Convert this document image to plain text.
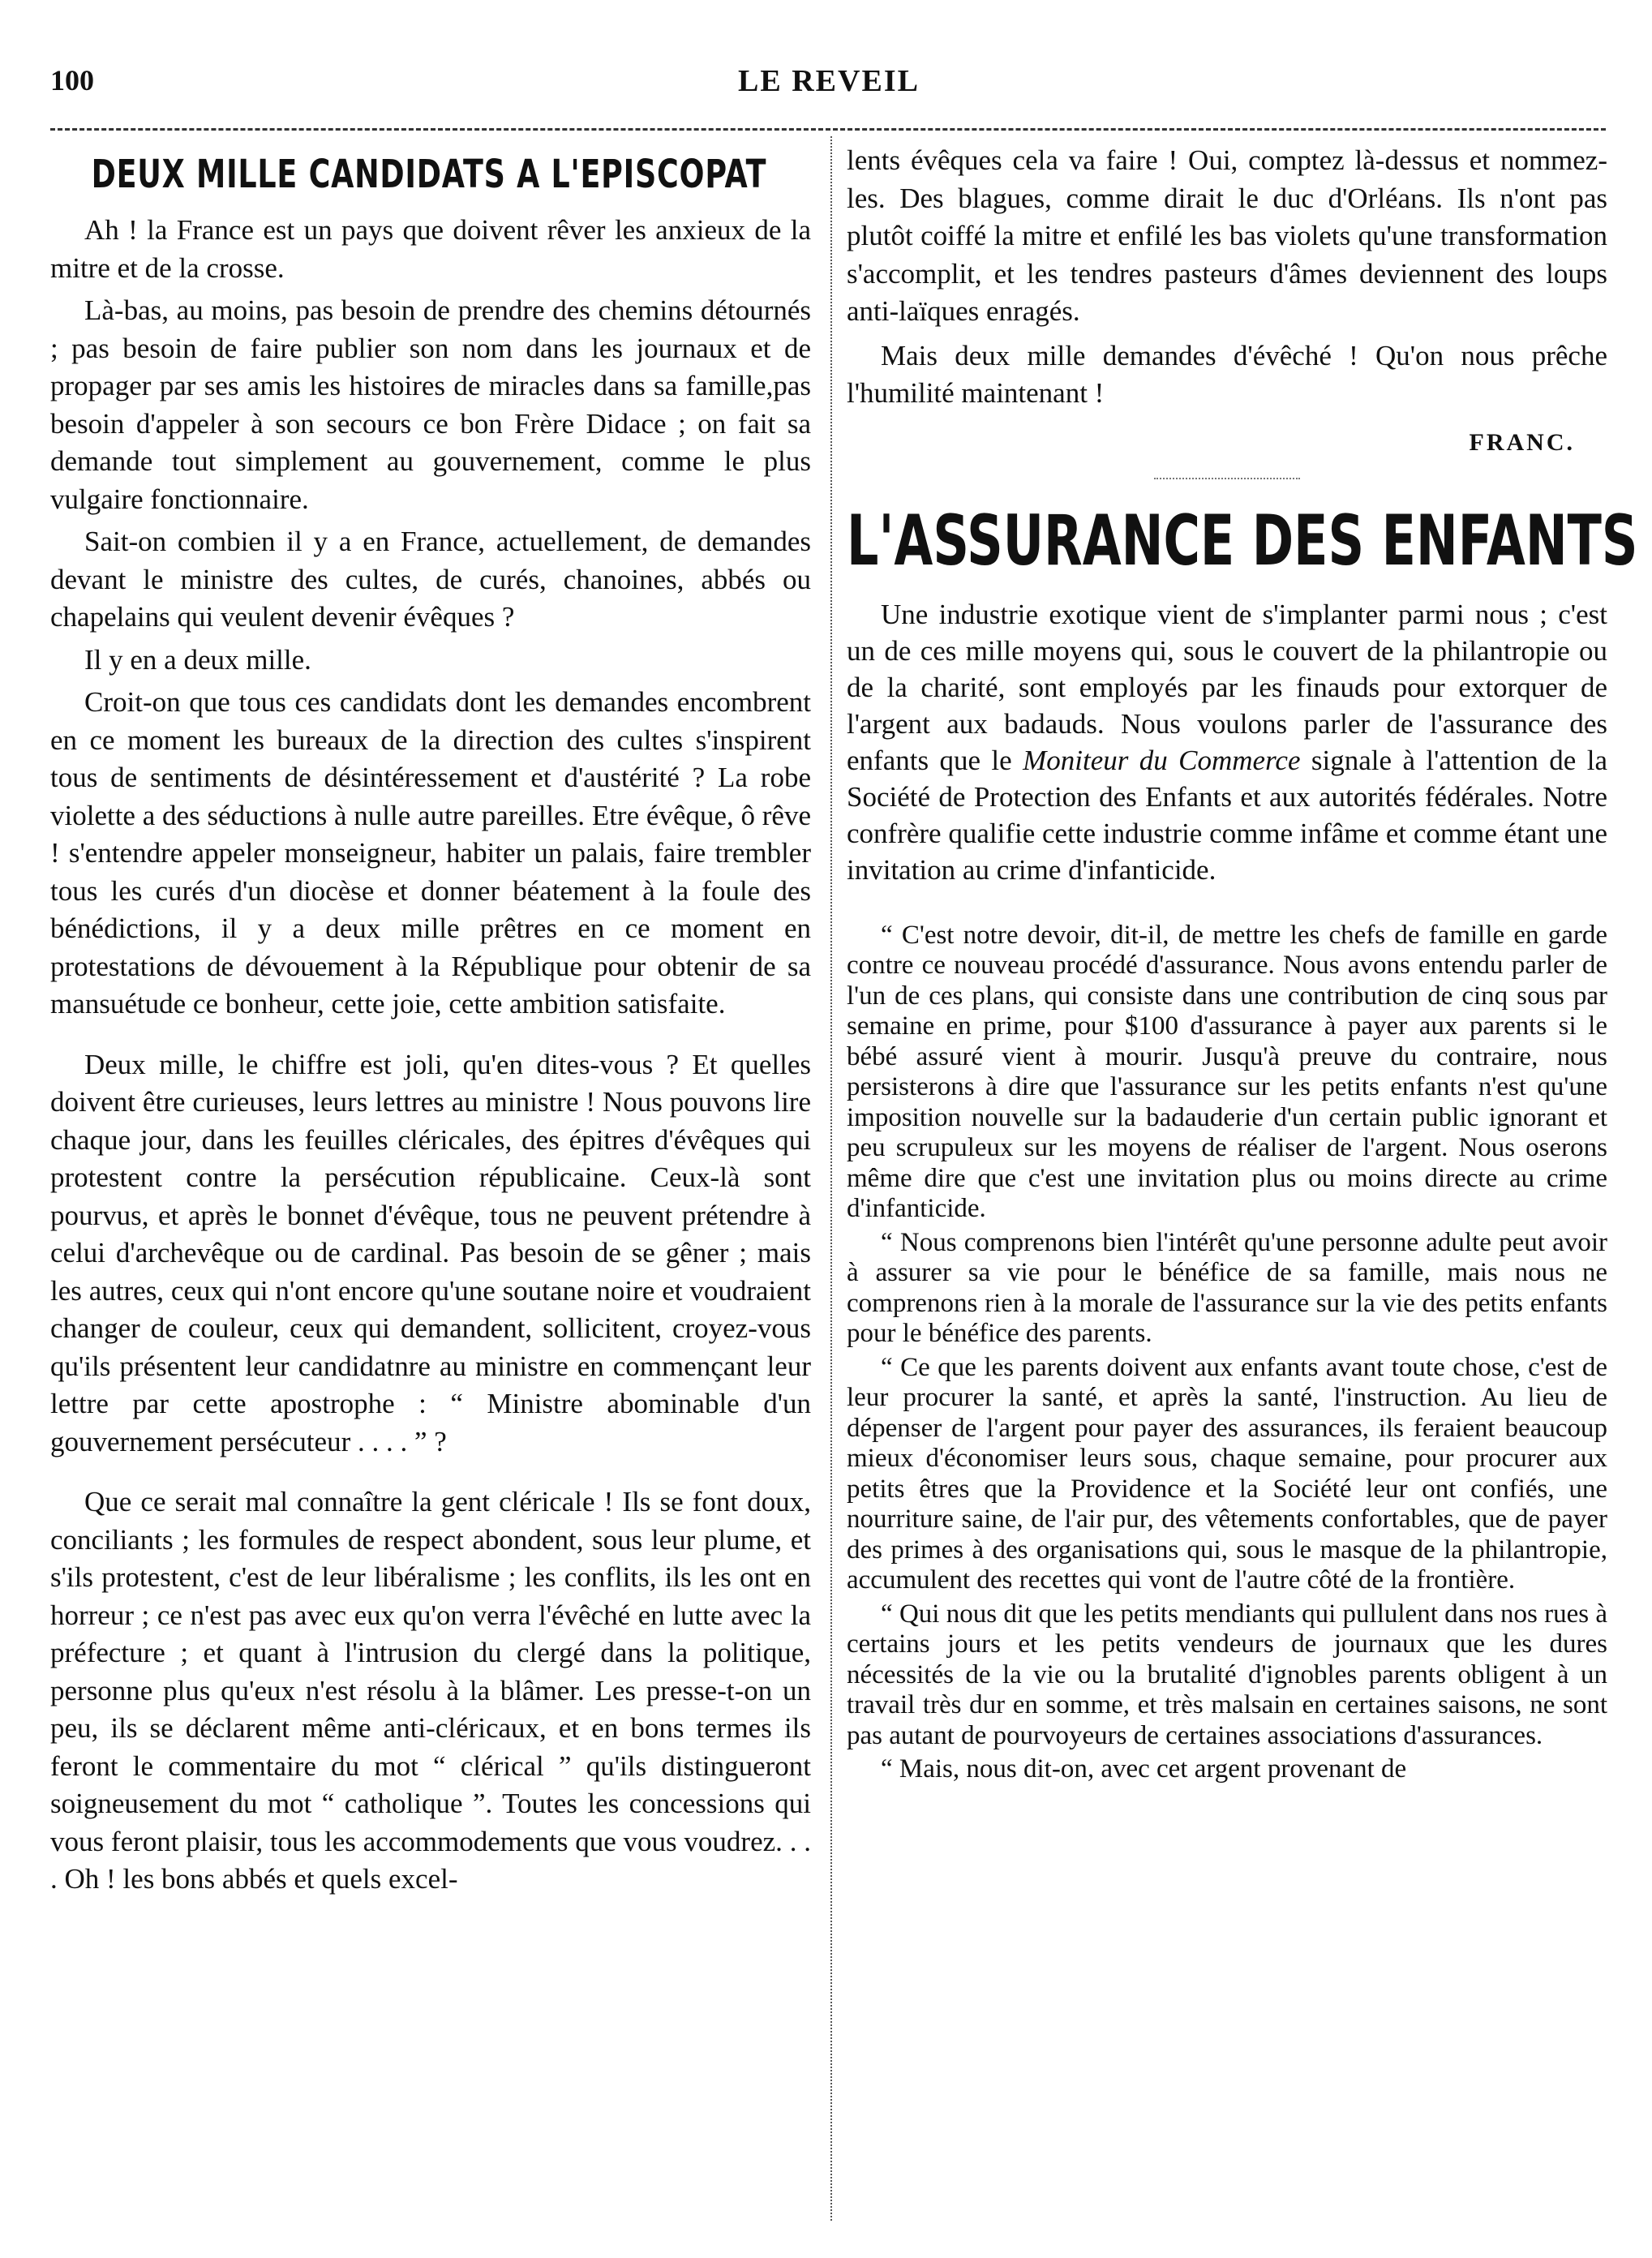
100	LE REVEIL
DEUX MILLE CANDIDATS A L'EPISCOPAT

Ah ! la France est un pays que doivent rêver les anxieux de la mitre et de la crosse.

Là-bas, au moins, pas besoin de prendre des chemins détournés ; pas besoin de faire publier son nom dans les journaux et de propager par ses amis les histoires de miracles dans sa famille,pas besoin d'appeler à son secours ce bon Frère Didace ; on fait sa demande tout simplement au gouvernement, comme le plus vulgaire fonctionnaire.

Sait-on combien il y a en France, actuellement, de demandes devant le ministre des cultes, de curés, chanoines, abbés ou chapelains qui veulent devenir évêques ?

Il y en a deux mille.

Croit-on que tous ces candidats dont les demandes encombrent en ce moment les bureaux de la direction des cultes s'inspirent tous de sentiments de désintéressement et d'austérité ? La robe violette a des séductions à nulle autre pareilles. Etre évêque, ô rêve ! s'entendre appeler monseigneur, habiter un palais, faire trembler tous les curés d'un diocèse et donner béatement à la foule des bénédictions, il y a deux mille prêtres en ce moment en protestations de dévouement à la République pour obtenir de sa mansuétude ce bonheur, cette joie, cette ambition satisfaite.

Deux mille, le chiffre est joli, qu'en dites-vous ? Et quelles doivent être curieuses, leurs lettres au ministre ! Nous pouvons lire chaque jour, dans les feuilles cléricales, des épitres d'évêques qui protestent contre la persécution républicaine. Ceux-là sont pourvus, et après le bonnet d'évêque, tous ne peuvent prétendre à celui d'archevêque ou de cardinal. Pas besoin de se gêner ; mais les autres, ceux qui n'ont encore qu'une soutane noire et voudraient changer de couleur, ceux qui demandent, sollicitent, croyez-vous qu'ils présentent leur candidatnre au ministre en commençant leur lettre par cette apostrophe : “ Ministre abominable d'un gouvernement persécuteur . . . . ” ?

Que ce serait mal connaître la gent cléricale ! Ils se font doux, conciliants ; les formules de respect abondent, sous leur plume, et s'ils protestent, c'est de leur libéralisme ; les conflits, ils les ont en horreur ; ce n'est pas avec eux qu'on verra l'évêché en lutte avec la préfecture ; et quant à l'intrusion du clergé dans la politique, personne plus qu'eux n'est résolu à la blâmer. Les presse-t-on un peu, ils se déclarent même anti-cléricaux, et en bons termes ils feront le commentaire du mot “ clérical ” qu'ils distingueront soigneusement du mot “ catholique ”. Toutes les concessions qui vous feront plaisir, tous les accommodements que vous voudrez. . . . Oh ! les bons abbés et quels excel-

lents évêques cela va faire ! Oui, comptez là-dessus et nommez-les. Des blagues, comme dirait le duc d'Orléans. Ils n'ont pas plutôt coiffé la mitre et enfilé les bas violets qu'une transformation s'accomplit, et les tendres pasteurs d'âmes deviennent des loups anti-laïques enragés.

Mais deux mille demandes d'évêché ! Qu'on nous prêche l'humilité maintenant !

FRANC.
L'ASSURANCE DES ENFANTS

Une industrie exotique vient de s'implanter parmi nous ; c'est un de ces mille moyens qui, sous le couvert de la philantropie ou de la charité, sont employés par les finauds pour extorquer de l'argent aux badauds. Nous voulons parler de l'assurance des enfants que le Moniteur du Commerce signale à l'attention de la Société de Protection des Enfants et aux autorités fédérales. Notre confrère qualifie cette industrie comme infâme et comme étant une invitation au crime d'infanticide.

“ C'est notre devoir, dit-il, de mettre les chefs de famille en garde contre ce nouveau procédé d'assurance. Nous avons entendu parler de l'un de ces plans, qui consiste dans une contribution de cinq sous par semaine en prime, pour $100 d'assurance à payer aux parents si le bébé assuré vient à mourir. Jusqu'à preuve du contraire, nous persisterons à dire que l'assurance sur les petits enfants n'est qu'une imposition nouvelle sur la badauderie d'un certain public ignorant et peu scrupuleux sur les moyens de réaliser de l'argent. Nous oserons même dire que c'est une invitation plus ou moins directe au crime d'infanticide.

“ Nous comprenons bien l'intérêt qu'une personne adulte peut avoir à assurer sa vie pour le bénéfice de sa famille, mais nous ne comprenons rien à la morale de l'assurance sur la vie des petits enfants pour le bénéfice des parents.

“ Ce que les parents doivent aux enfants avant toute chose, c'est de leur procurer la santé, et après la santé, l'instruction. Au lieu de dépenser de l'argent pour payer des assurances, ils feraient beaucoup mieux d'économiser leurs sous, chaque semaine, pour procurer aux petits êtres que la Providence et la Société leur ont confiés, une nourriture saine, de l'air pur, des vêtements confortables, que de payer des primes à des organisations qui, sous le masque de la philantropie, accumulent des recettes qui vont de l'autre côté de la frontière.

“ Qui nous dit que les petits mendiants qui pullulent dans nos rues à certains jours et les petits vendeurs de journaux que les dures nécessités de la vie ou la brutalité d'ignobles parents obligent à un travail très dur en somme, et très malsain en certaines saisons, ne sont pas autant de pourvoyeurs de certaines associations d'assurances.

“ Mais, nous dit-on, avec cet argent provenant de
